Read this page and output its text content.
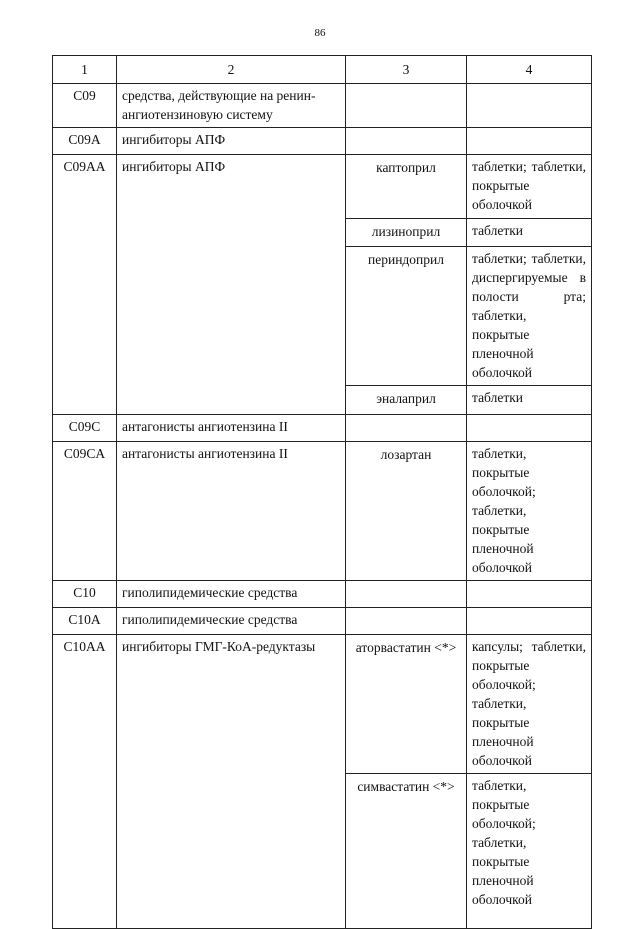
86
1	2	3	4
C09	средства, действующие на ренин-ангиотензиновую систему		
C09A	ингибиторы АПФ		
C09AA	ингибиторы АПФ	каптоприл	таблетки; таблетки, покрытые оболочкой
		лизиноприл	таблетки
		периндоприл	таблетки; таблетки, диспергируемые в полости рта; таблетки, покрытые пленочной оболочкой
		эналаприл	таблетки
C09C	антагонисты ангиотензина II		
C09CA	антагонисты ангиотензина II	лозартан	таблетки, покрытые оболочкой; таблетки, покрытые пленочной оболочкой
C10	гиполипидемические средства		
C10A	гиполипидемические средства		
C10AA	ингибиторы ГМГ-КоА-редуктазы	аторвастатин <*>	капсулы; таблетки, покрытые оболочкой; таблетки, покрытые пленочной оболочкой
		симвастатин <*>	таблетки, покрытые оболочкой; таблетки, покрытые пленочной оболочкой
